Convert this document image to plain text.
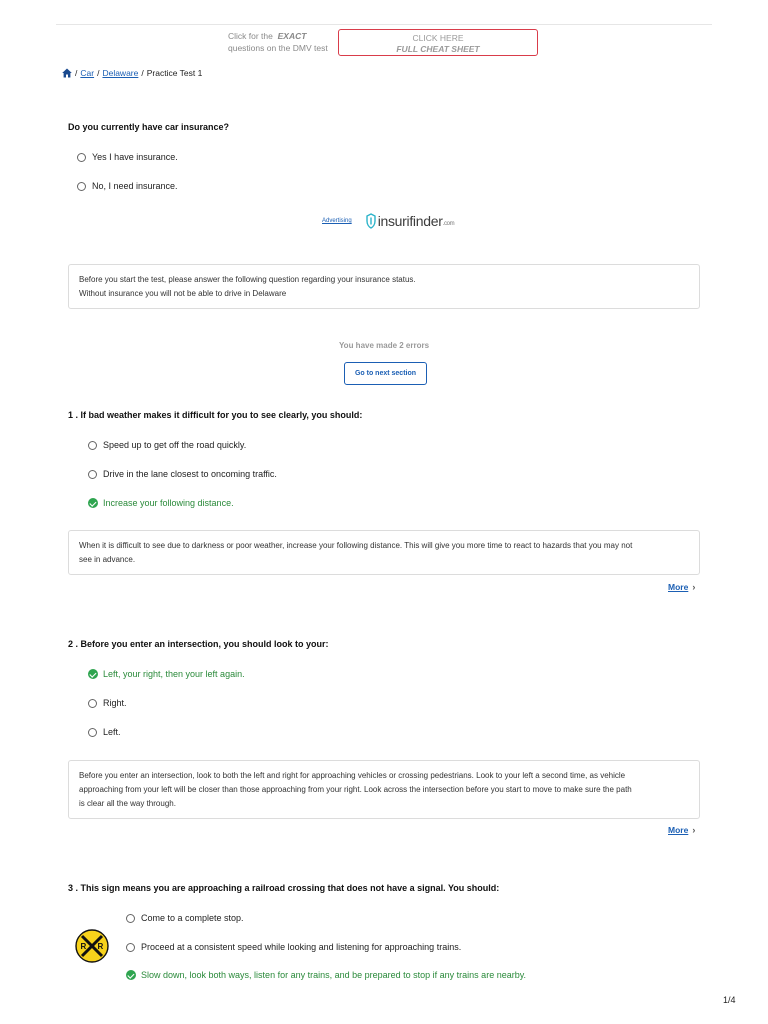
Click for the EXACT
questions on the DMV test
CLICK HERE
FULL CHEAT SHEET
/ Car / Delaware / Practice Test 1
Do you currently have car insurance?
Yes I have insurance.
No, I need insurance.
Advertising insurifinder .com
Before you start the test, please answer the following question regarding your insurance status.
Without insurance you will not be able to drive in Delaware
You have made 2 errors
Go to next section
1 . If bad weather makes it difficult for you to see clearly, you should:
Speed up to get off the road quickly.
Drive in the lane closest to oncoming traffic.
Increase your following distance.
When it is difficult to see due to darkness or poor weather, increase your following distance. This will give you more time to react to hazards that you may not
see in advance.
More ›
2 . Before you enter an intersection, you should look to your:
Left, your right, then your left again.
Right.
Left.
Before you enter an intersection, look to both the left and right for approaching vehicles or crossing pedestrians. Look to your left a second time, as vehicle
approaching from your left will be closer than those approaching from your right. Look across the intersection before you start to move to make sure the path
is clear all the way through.
More ›
3 . This sign means you are approaching a railroad crossing that does not have a signal. You should:
R R
Come to a complete stop.
Proceed at a consistent speed while looking and listening for approaching trains.
Slow down, look both ways, listen for any trains, and be prepared to stop if any trains are nearby.
1/4
